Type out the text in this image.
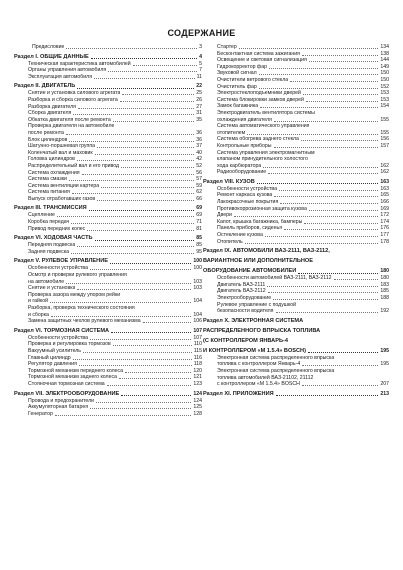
СОДЕРЖАНИЕ
Предисловие	3
Раздел I. ОБЩИЕ ДАННЫЕ	4
Техническая характеристика автомобилей	5
Органы управления автомобиля	7
Эксплуатация автомобиля	11
Раздел II. ДВИГАТЕЛЬ	22
Снятие и установка силового агрегата	25
Разборка и сборка силового агрегата	26
Разборка двигателя	27
Сборка двигателя	31
Обкатка двигателя после ремонта	35
Проверка двигателя на автомобиле
после ремонта	36
Блок цилиндров	36
Шатунно-поршневая группа	37
Коленчатый вал и маховик	40
Головка цилиндров	42
Распределительный вал и его привод	52
Система охлаждения	56
Система смазки	57
Система вентиляции картера	59
Система питания	62
Выпуск отработавших газов	66
Раздел III. ТРАНСМИССИЯ	69
Сцепление	69
Коробка передач	71
Привод передних колес	81
Раздел VI. ХОДОВАЯ ЧАСТЬ	85
Передняя подвеска	85
Задняя подвеска	95
Раздел V. РУЛЕВОЕ УПРАВЛЕНИЕ	100
Особенности устройства	100
Осмотр и проверки рулевого управления
на автомобиле	103
Снятие и установка	103
Проверка зазора между упором рейки
и гайкой	104
Разборка, проверка технического состояния
и сборка	104
Замена защитных чехлов рулевого механизма	106
Раздел VI. ТОРМОЗНАЯ СИСТЕМА	107
Особенности устройства	107
Проверка и регулировка тормозов	110
Вакуумный усилитель	115
Главный цилиндр	116
Регулятор давления	118
Тормозной механизм переднего колеса	120
Тормозной механизм заднего колеса	121
Стояночная тормозная система	123
Раздел VII. ЭЛЕКТРООБОРУДОВАНИЕ	124
Провода и предохранители	124
Аккумуляторная батарея	125
Генератор	128
Стартер	134
Бесконтактная система зажигания	138
Освещение и световая сигнализация	144
Гидрокорректор фар	149
Звуковой сигнал	150
Очистители ветрового стекла	150
Очиститель фар	152
Электростеклоподъемники дверей	153
Система блокировки замков дверей	153
Замок багажника	154
Электродвигатель вентилятора системы
охлаждения двигателя	155
Система автоматического управления
отопителем	155
Система обогрева заднего стекла	156
Контрольные приборы	157
Система управления электромагнитным
клапаном принудительного холостого
хода карбюратора	162
Радиооборудование	162
Раздел VIII. КУЗОВ	163
Особенности устройства	163
Ремонт каркаса кузова	165
Лакокрасочные покрытия	166
Противокоррозионная защита кузова	169
Двери	172
Капот, крышка багажника, бамперы	174
Панель приборов, сиденья	176
Остекление кузова	177
Отопитель	178
Раздел IX. АВТОМОБИЛИ ВАЗ-2111, ВАЗ-2112,
ВАРИАНТНОЕ ИЛИ ДОПОЛНИТЕЛЬНОЕ
ОБОРУДОВАНИЕ АВТОМОБИЛЕЙ	180
Особенности автомобилей ВАЗ-2111, ВАЗ-2112	180
Двигатель ВАЗ-2111	183
Двигатель ВАЗ-2112	185
Электрооборудование	188
Рулевое управление с подушкой
безопасности водителя	192
Раздел X. ЭЛЕКТРОННАЯ СИСТЕМА
РАСПРЕДЕЛЕННОГО ВПРЫСКА ТОПЛИВА
(С КОНТРОЛЛЕРОМ ЯНВАРЬ-4
И КОНТРОЛЛЕРОМ «М 1.5.4» BOSCH)	195
Электронная система распределенного впрыска
топлива с контроллером Январь-4	195
Электронная система распределенного впрыска
топлива автомобилей ВАЗ-21102, 21112
с контроллером «М 1.5.4» BOSCH	207
Раздел XI. ПРИЛОЖЕНИЯ	213
